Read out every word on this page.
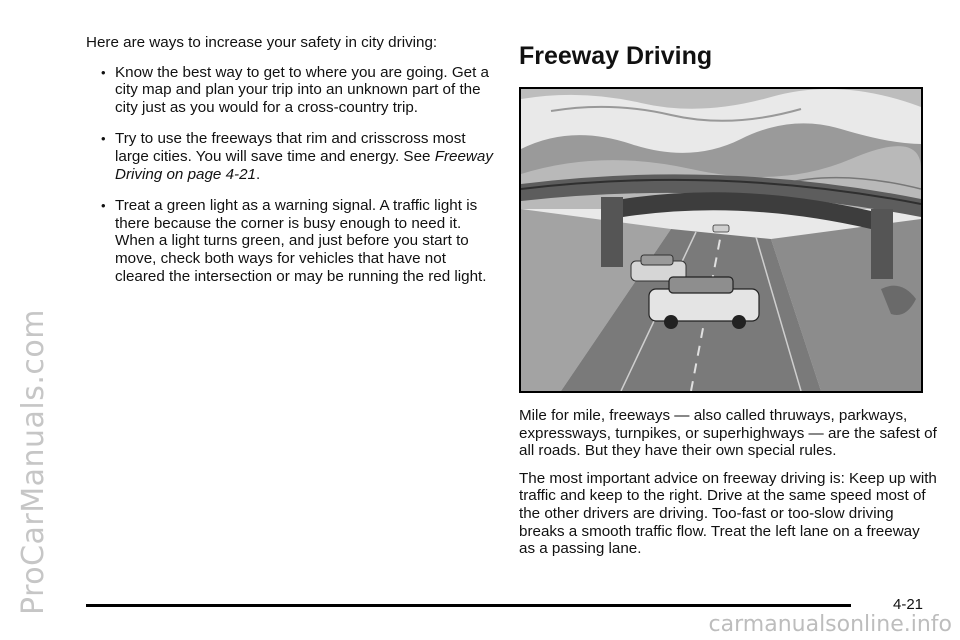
ProCarManuals.com

Here are ways to increase your safety in city driving:

• Know the best way to get to where you are going. Get a city map and plan your trip into an unknown part of the city just as you would for a cross-country trip.
• Try to use the freeways that rim and crisscross most large cities. You will save time and energy. See Freeway Driving on page 4-21.
• Treat a green light as a warning signal. A traffic light is there because the corner is busy enough to need it. When a light turns green, and just before you start to move, check both ways for vehicles that have not cleared the intersection or may be running the red light.
Freeway Driving

Mile for mile, freeways — also called thruways, parkways, expressways, turnpikes, or superhighways — are the safest of all roads. But they have their own special rules.

The most important advice on freeway driving is: Keep up with traffic and keep to the right. Drive at the same speed most of the other drivers are driving. Too-fast or too-slow driving breaks a smooth traffic flow. Treat the left lane on a freeway as a passing lane.

4-21
carmanualsonline.info
